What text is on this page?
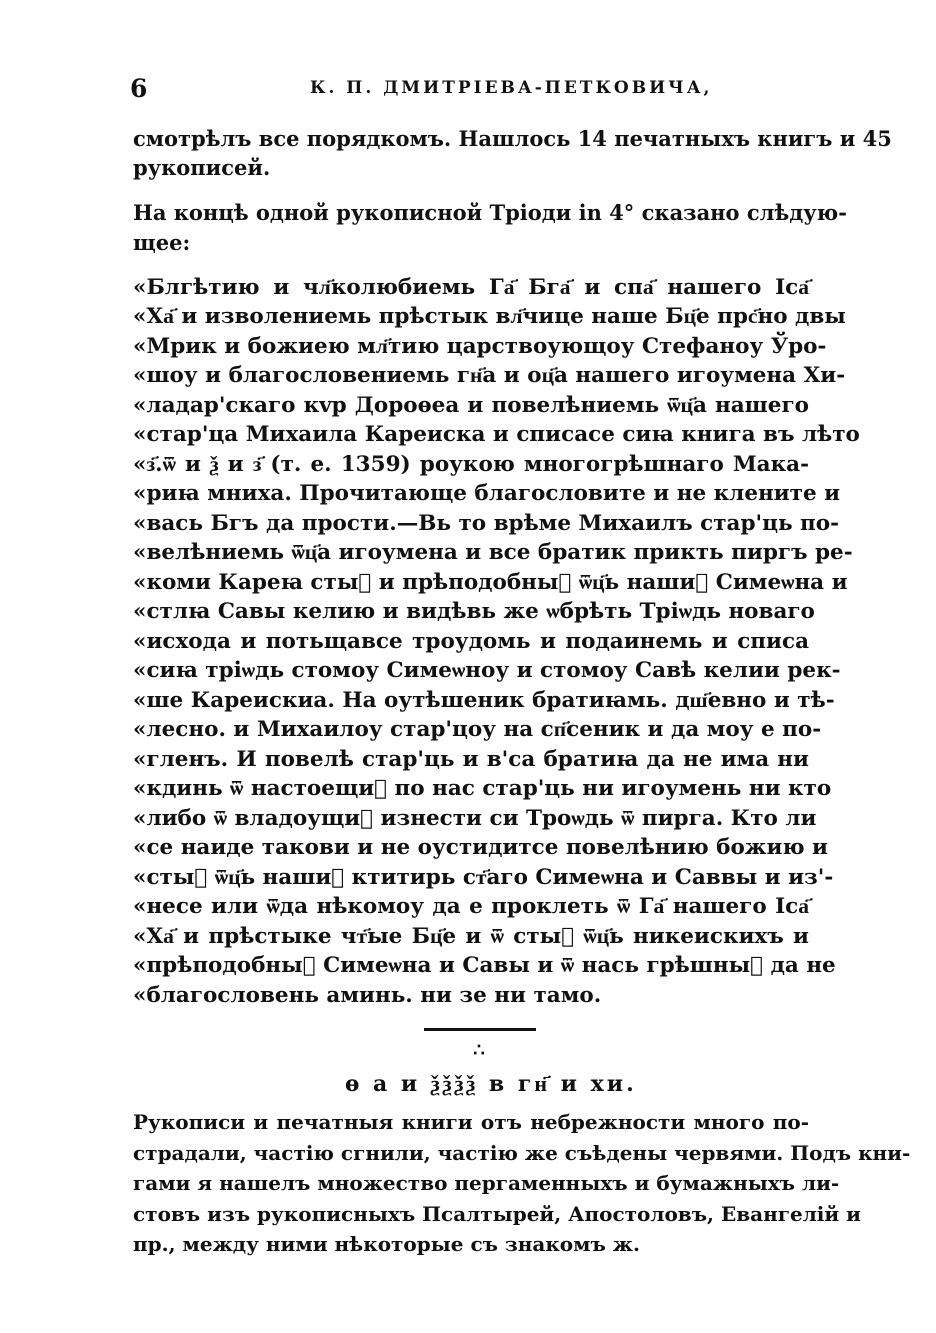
6	К. П. ДМИТРІЕВА-ПЕТКОВИЧА,
смотрѣлъ все порядкомъ. Нашлось 14 печатныхъ книгъ и 45
рукописей.
На концѣ одной рукописной Тріоди in 4° сказано слѣдую-
щее:
«Блгѣтию и чл҃колюбиемь Га҃ Бга҃ и спа҃ нашего Іса҃
«Ха҃ и изволениемь прѣстык вл҃чице наше Бц҃е прс҃но двы
«Мрик и божиею мл҃тию царствоующоу Стефаноу Ўро-
«шоу и благословениемь гн҃а и оц҃а нашего игоумена Хи-
«ладар'скаго кvр Дороѳеа и повелѣниемь ѿц҃а нашего
«стар'ца Михаила Кареиска и списасе сиꙗ книга въ лѣто
«з҃.ѿ и ѯ и з҃ (т. е. 1359) роукою многогрѣшнаго Мака-
«риꙗ мниха. Прочитающе благословите и не клените и
«вась Бгъ да прости.—Вь то врѣме Михаилъ стар'ць по-
«велѣниемь ѿц҃а игоумена и все братик прикть пиргъ ре-
«коми Кареꙗ стыⷯ и прѣподобныⷯ ѿц҃ь нашиⷯ Симеѡна и
«стлꙗ Савы келию и видѣвь же ѡбрѣть Тріѡдь новаго
«исхода и потьщавсе троудомь и подаинемь и списа
«сиꙗ тріѡдь стомоу Симеѡноу и стомоу Савѣ келии рек-
«ше Кареискиа. На оутѣшеник братиꙗмь. дш҃евно и тѣ-
«лесно. и Михаилоу стар'цоу на сп҃сеник и да моу е по-
«гленъ. И повелѣ стар'ць и в'са братиꙗ да не има ни
«кдинь ѿ настоещиⷯ по нас стар'ць ни игоумень ни кто
«либо ѿ владоущиⷯ изнести си Троѡдь ѿ пирга. Кто ли
«се наиде такови и не оустидитсе повелѣнию божию и
«стыⷯ ѿц҃ь нашиⷯ ктитирь ст҃аго Симеѡна и Саввы и из'-
«несе или ѿда нѣкомоу да е проклеть ѿ Га҃ нашего Іса҃
«Ха҃ и прѣстыке чт҃ые Бц҃е и ѿ стыⷯ ѿц҃ь никеискихъ и
«прѣподобныⷯ Симеѡна и Савы и ѿ нась грѣшныⷯ да не
«благословень аминь. ни зе ни тамо.
∴
ѳ а и ѯѯѯѯ в гн҃ и хи.
Рукописи и печатныя книги отъ небрежности много по-
страдали, частію сгнили, частію же съѣдены червями. Подъ кни-
гами я нашелъ множество пергаменныхъ и бумажныхъ ли-
стовъ изъ рукописныхъ Псалтырей, Апостоловъ, Евангелій и
пр., между ними нѣкоторые съ знакомъ ж.
